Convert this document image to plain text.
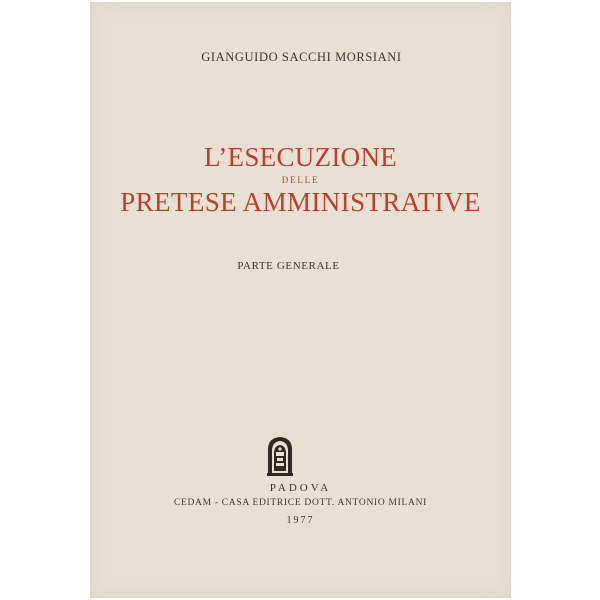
GIANGUIDO SACCHI MORSIANI
L’ESECUZIONE
DELLE
PRETESE AMMINISTRATIVE
PARTE GENERALE
PADOVA
CEDAM - CASA EDITRICE DOTT. ANTONIO MILANI
1977
